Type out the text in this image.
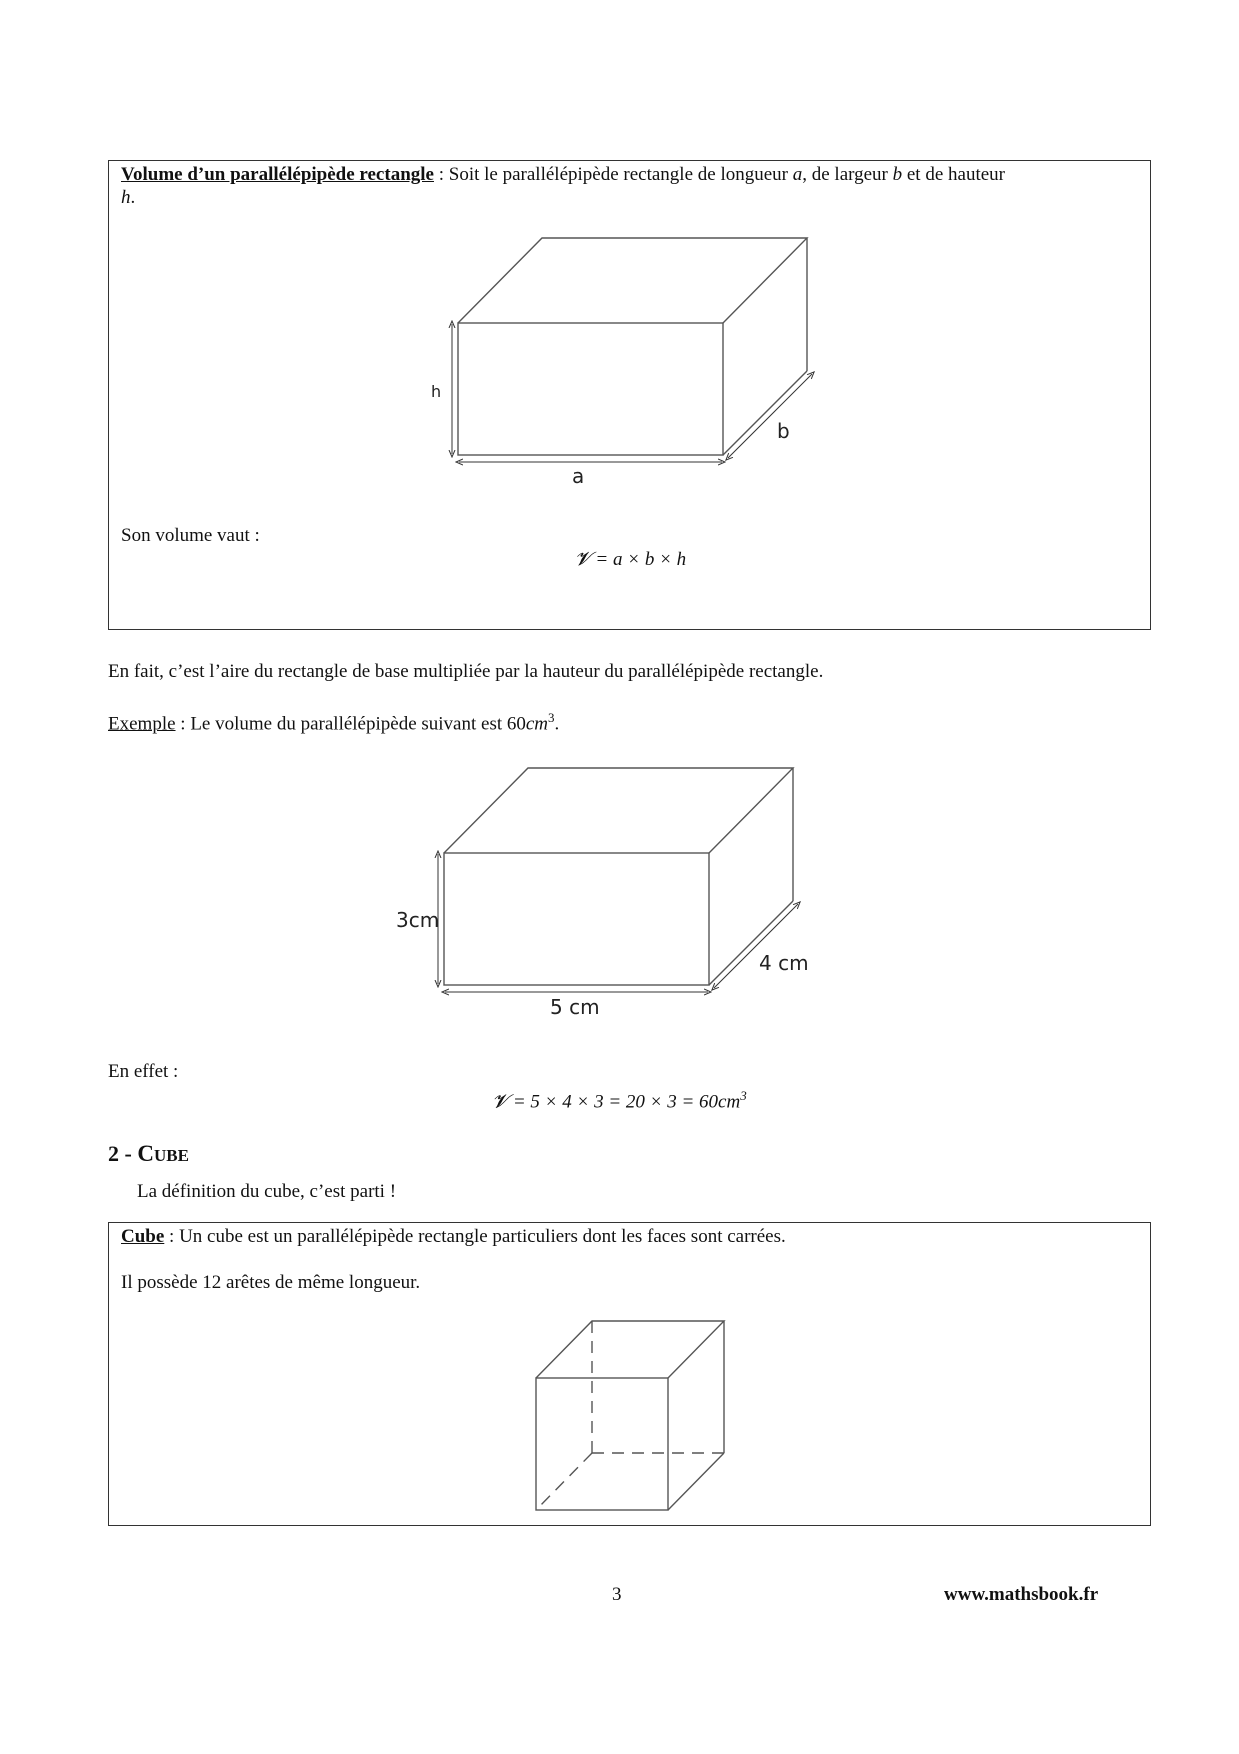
Volume d’un parallélépipède rectangle : Soit le parallélépipède rectangle de longueur a, de largeur b et de hauteur
h.
h
a
b
Son volume vaut :
𝓥 = a × b × h
En fait, c’est l’aire du rectangle de base multipliée par la hauteur du parallélépipède rectangle.
Exemple : Le volume du parallélépipède suivant est $60cm^3$.
3cm
5 cm
4 cm
En effet :
𝓥 = $5 \times 4 \times 3 = 20 \times 3 = 60cm^3$
2 - CUBE
La définition du cube, c’est parti !
Cube : Un cube est un parallélépipède rectangle particuliers dont les faces sont carrées.
Il possède 12 arêtes de même longueur.
3	www.mathsbook.fr
